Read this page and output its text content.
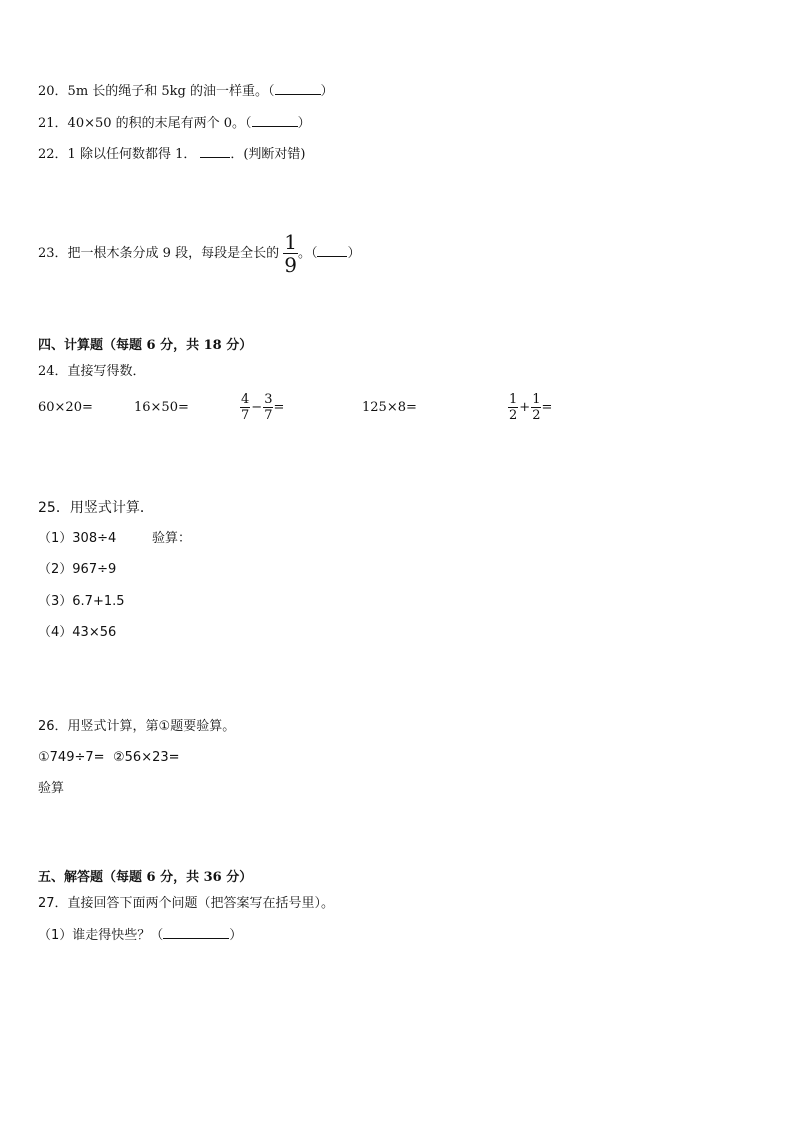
20．5m 长的绳子和 5kg 的油一样重。（	）
21．40×50 的积的末尾有两个 0。（	）
22．1 除以任何数都得 1．	．(判断对错)
23．把一根木条分成 9 段，每段是全长的 $\frac{1}{9}$ 。（ ）
四、计算题（每题 6 分，共 18 分）
24．直接写得数．
60×20=	16×50=	$\frac{4}{7} - \frac{3}{7}$ =	125×8=	$\frac{1}{2} + \frac{1}{2}$ =
25．用竖式计算．
（1）308÷4	验算：
（2）967÷9
（3）6.7+1.5
（4）43×56
26．用竖式计算，第①题要验算。
①749÷7= ②56×23=
验算
五、解答题（每题 6 分，共 36 分）
27．直接回答下面两个问题（把答案写在括号里）。
（1）谁走得快些？（	）
